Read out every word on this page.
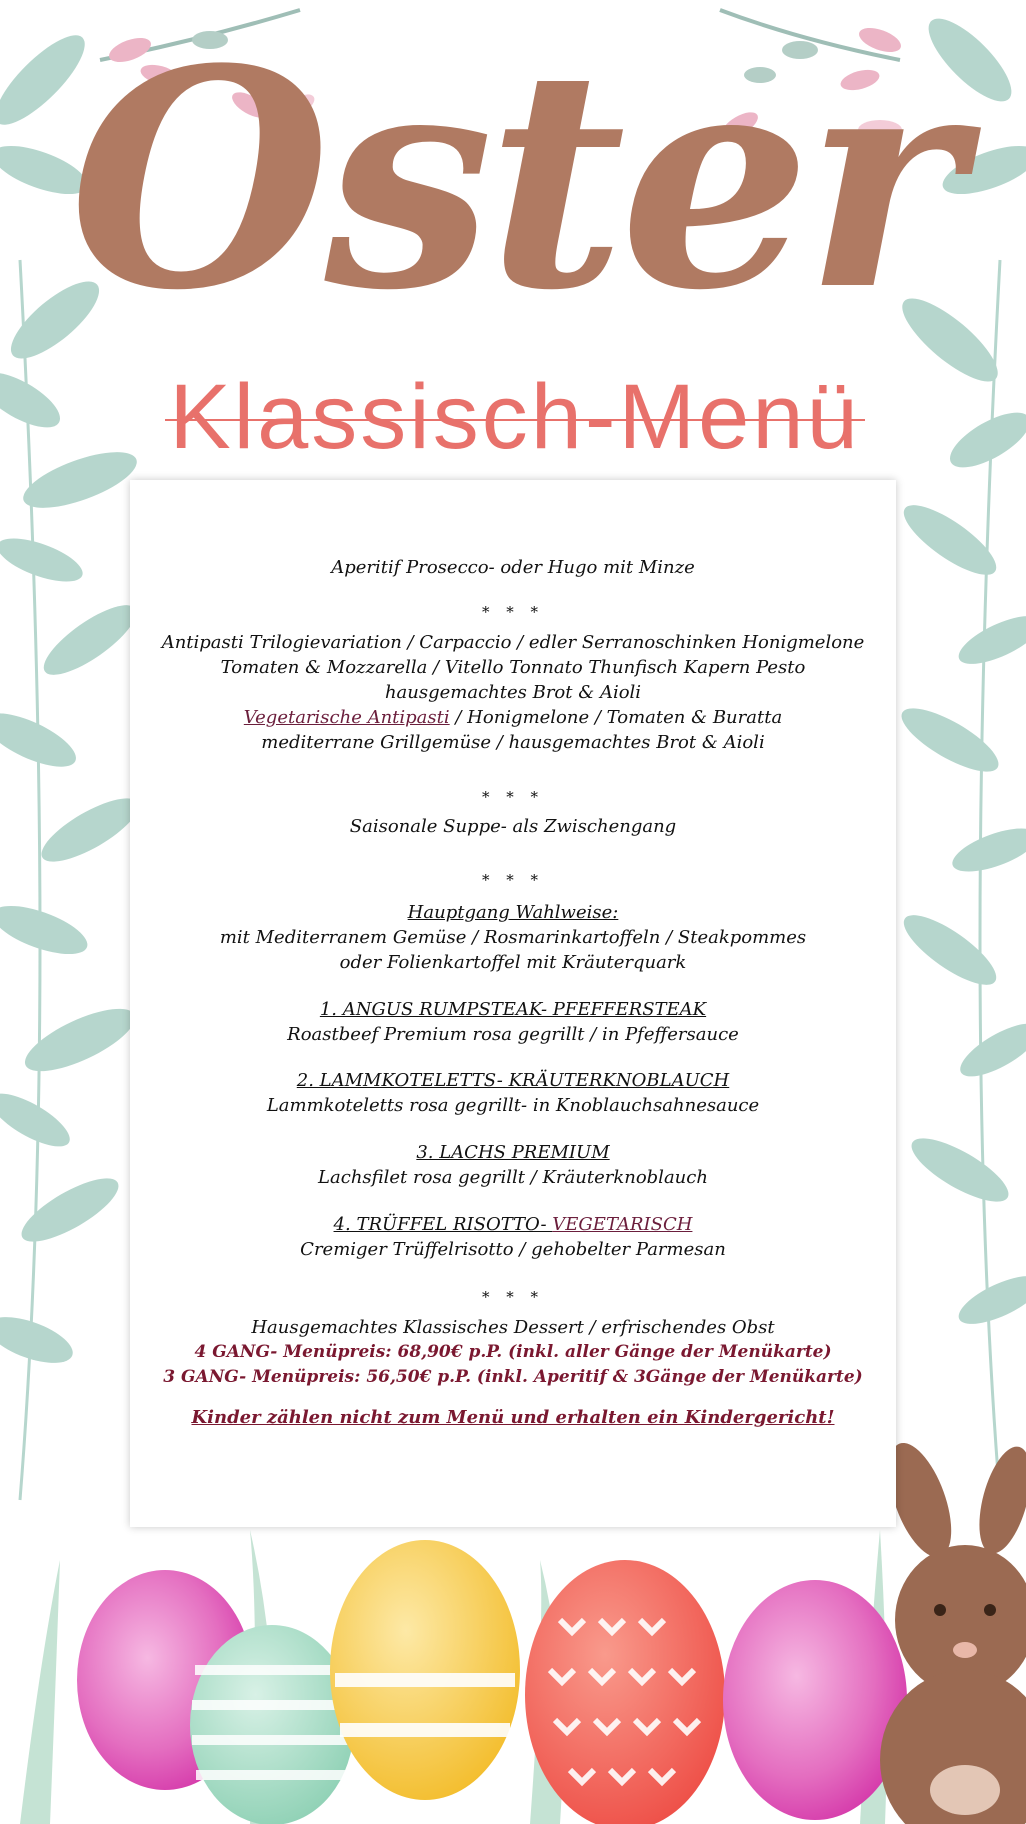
Oster
Klassisch-Menü
Aperitif Prosecco- oder Hugo mit Minze
* * *
Antipasti Trilogievariation / Carpaccio / edler Serranoschinken Honigmelone
Tomaten & Mozzarella / Vitello Tonnato Thunfisch Kapern Pesto
hausgemachtes Brot & Aioli
Vegetarische Antipasti / Honigmelone / Tomaten & Buratta
mediterrane Grillgemüse / hausgemachtes Brot & Aioli
* * *
Saisonale Suppe- als Zwischengang
* * *
Hauptgang Wahlweise:
mit Mediterranem Gemüse / Rosmarinkartoffeln / Steakpommes
oder Folienkartoffel mit Kräuterquark
1. ANGUS RUMPSTEAK- PFEFFERSTEAK
Roastbeef Premium rosa gegrillt / in Pfeffersauce
2. LAMMKOTELETTS- KRÄUTERKNOBLAUCH
Lammkoteletts rosa gegrillt- in Knoblauchsahnesauce
3. LACHS PREMIUM
Lachsfilet rosa gegrillt / Kräuterknoblauch
4. TRÜFFEL RISOTTO- VEGETARISCH
Cremiger Trüffelrisotto / gehobelter Parmesan
* * *
Hausgemachtes Klassisches Dessert / erfrischendes Obst
4 GANG- Menüpreis: 68,90€ p.P. (inkl. aller Gänge der Menükarte)
3 GANG- Menüpreis: 56,50€ p.P. (inkl. Aperitif & 3Gänge der Menükarte)
Kinder zählen nicht zum Menü und erhalten ein Kindergericht!
